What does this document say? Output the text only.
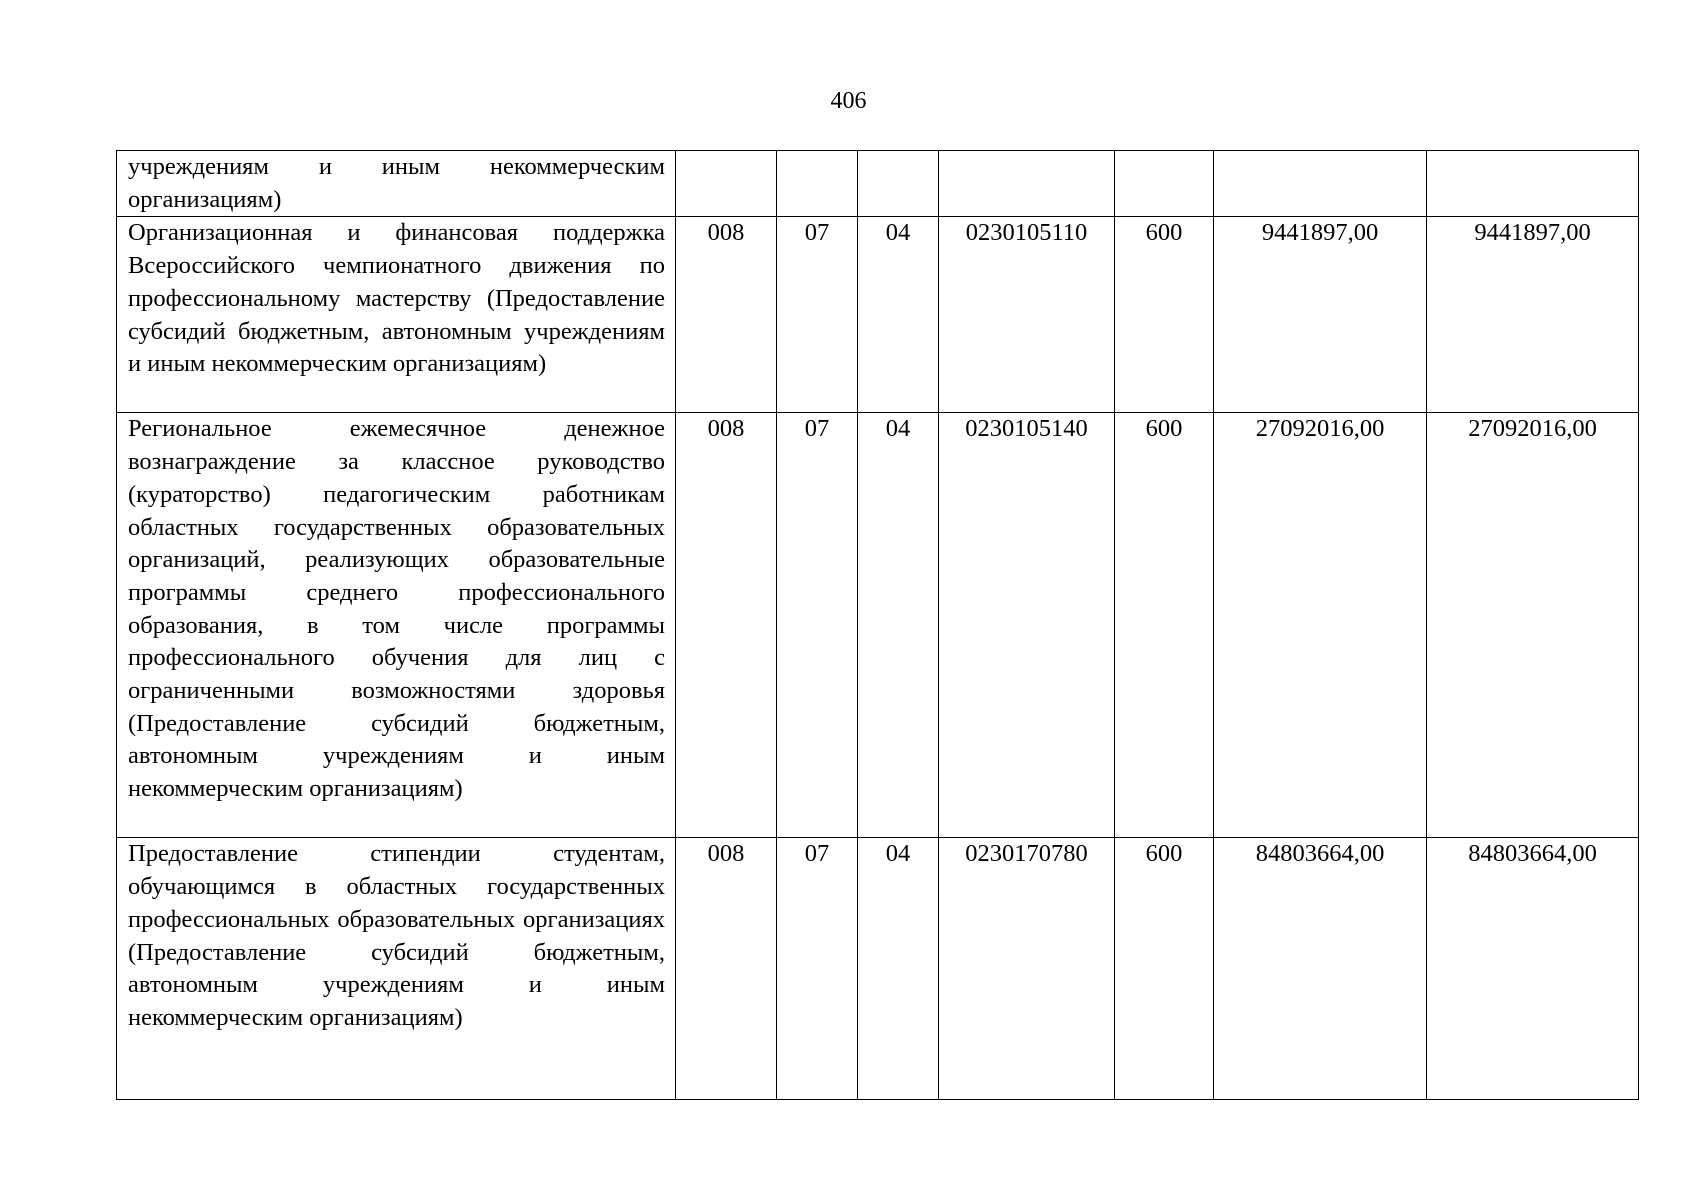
406
учреждениям и иным некоммерческим организациям)							
Организационная и финансовая поддержка Всероссийского чемпионатного движения по профессиональному мастерству (Предоставление субсидий бюджетным, автономным учреждениям и иным некоммерческим организациям)	008	07	04	0230105110	600	9441897,00	9441897,00
Региональное ежемесячное денежное вознаграждение за классное руководство (кураторство) педагогическим работникам областных государственных образовательных организаций, реализующих образовательные программы среднего профессионального образования, в том числе программы профессионального обучения для лиц с ограниченными возможностями здоровья (Предоставление субсидий бюджетным, автономным учреждениям и иным некоммерческим организациям)	008	07	04	0230105140	600	27092016,00	27092016,00
Предоставление стипендии студентам, обучающимся в областных государственных профессиональных образовательных организациях (Предоставление субсидий бюджетным, автономным учреждениям и иным некоммерческим организациям)	008	07	04	0230170780	600	84803664,00	84803664,00
